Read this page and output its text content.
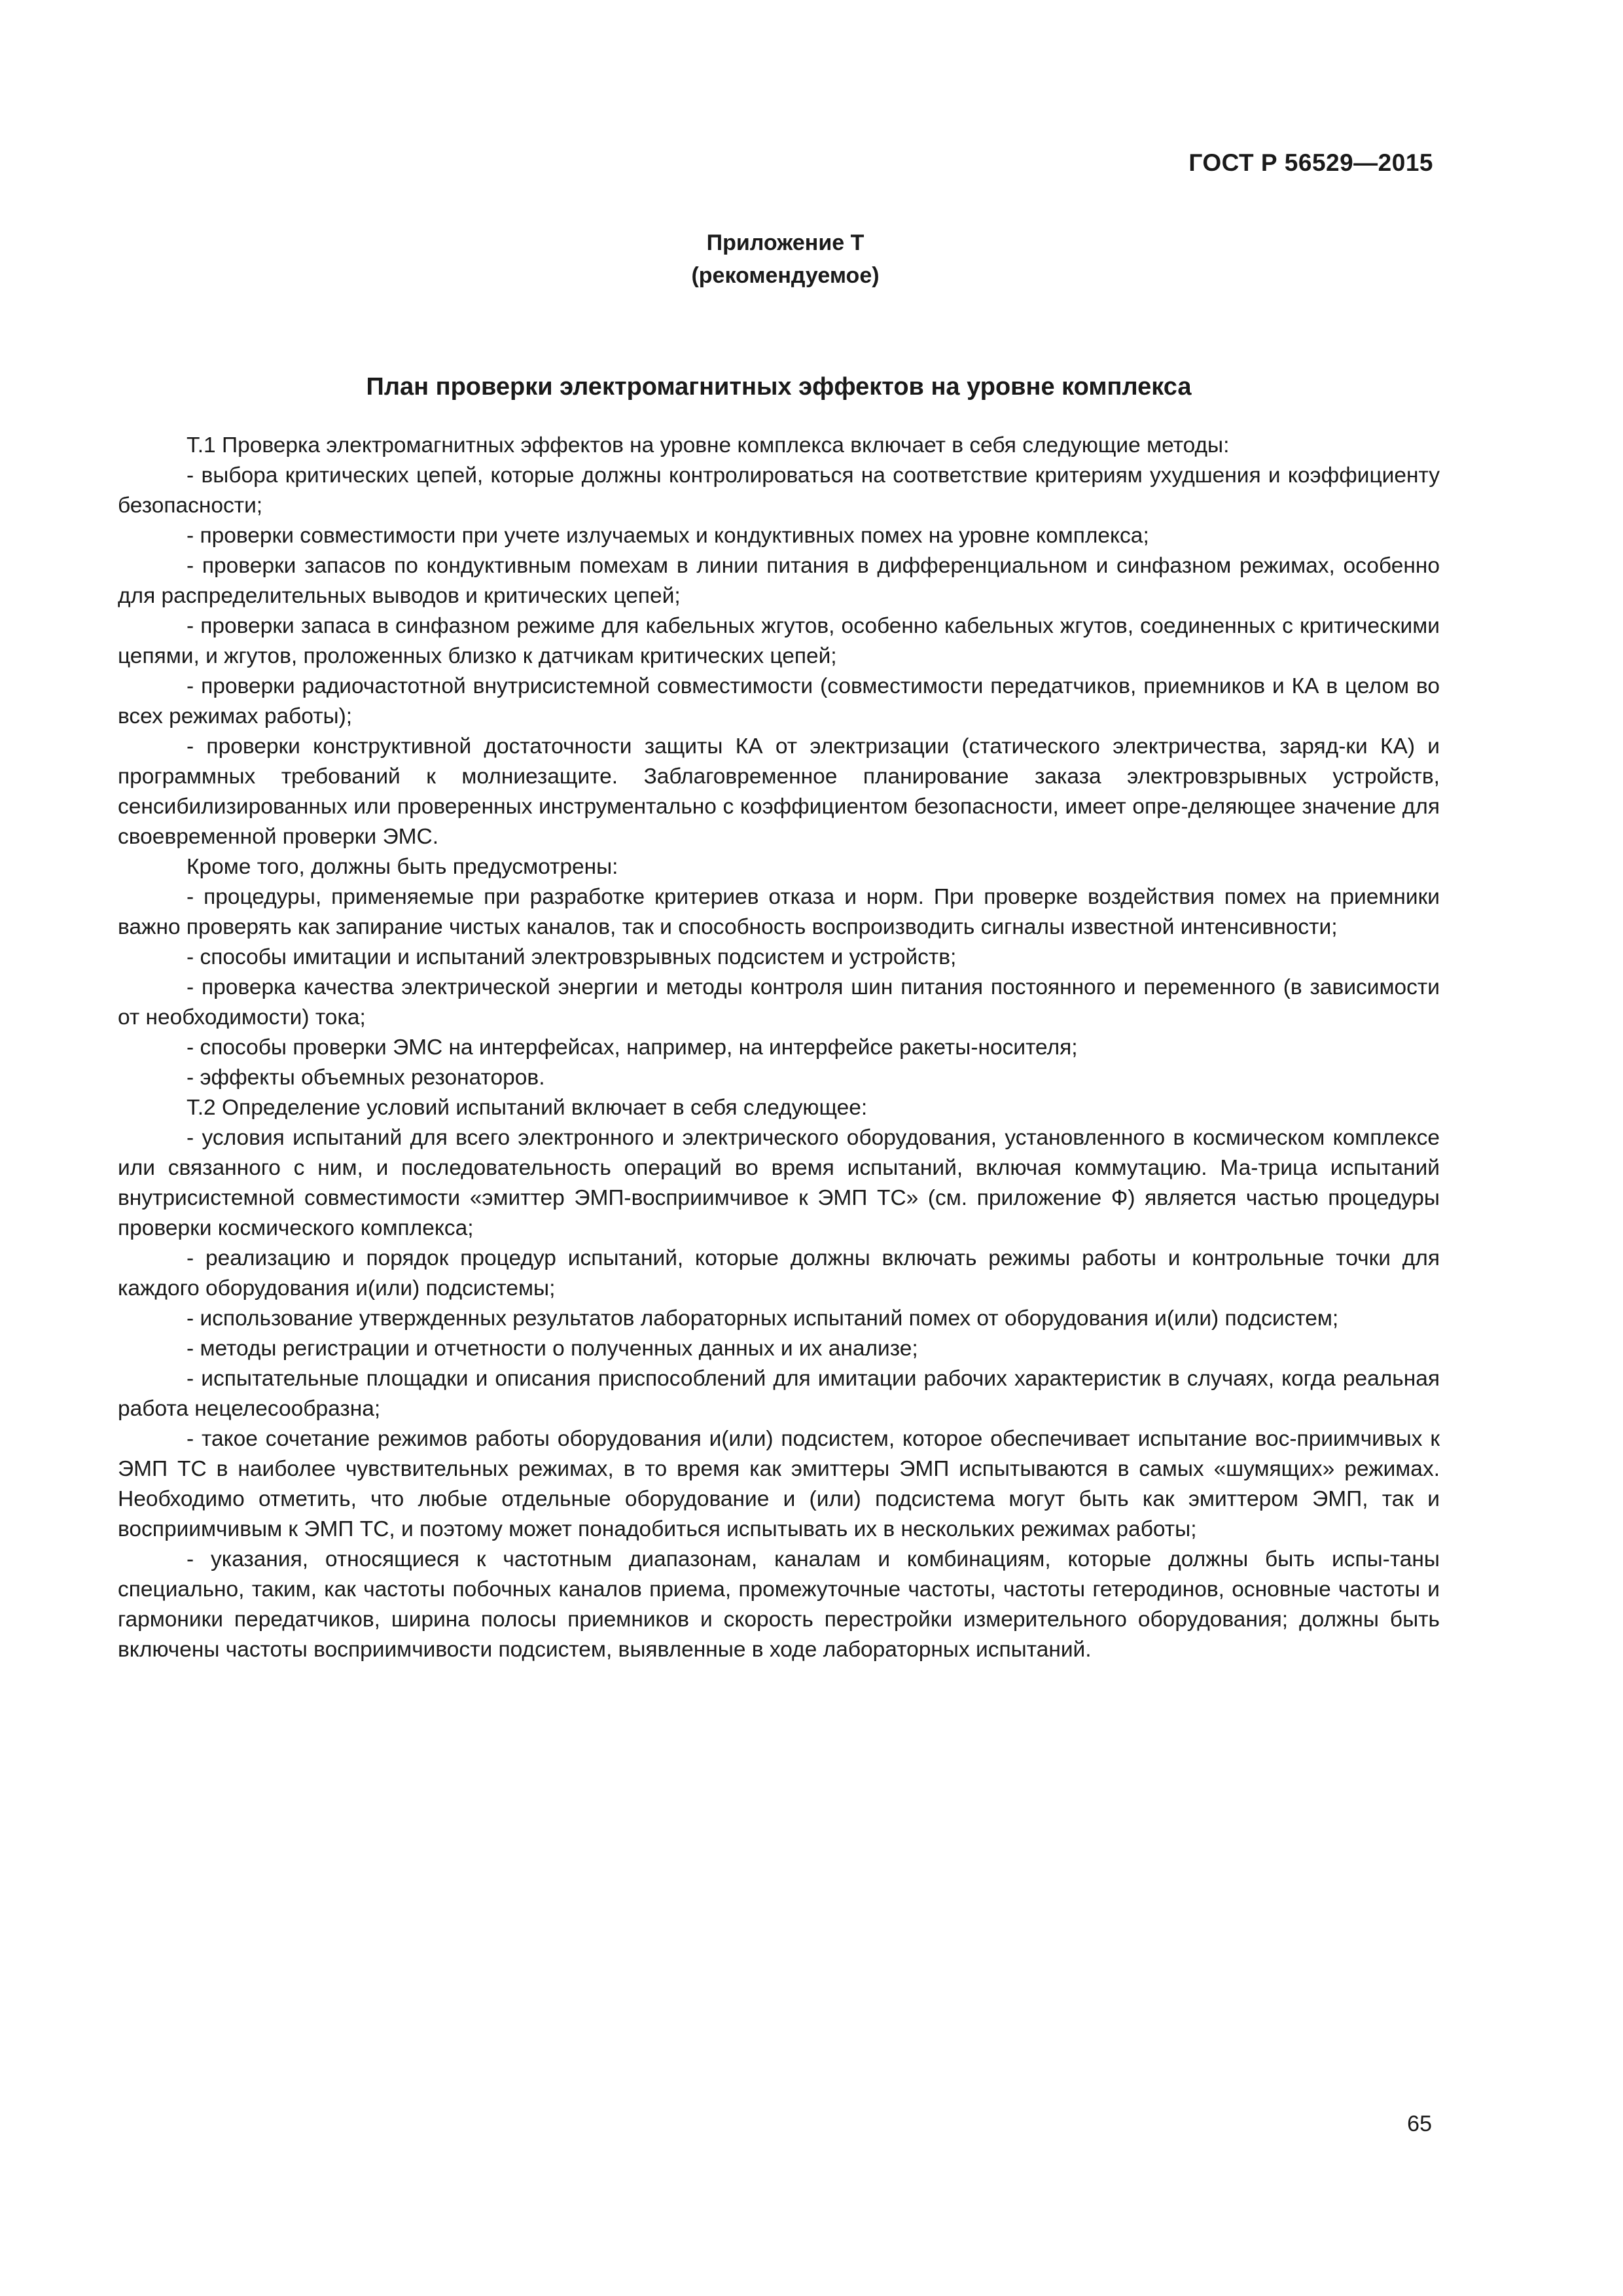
ГОСТ Р 56529—2015
Приложение Т
(рекомендуемое)
План проверки электромагнитных эффектов на уровне комплекса

Т.1 Проверка электромагнитных эффектов на уровне комплекса включает в себя следующие методы:

- выбора критических цепей, которые должны контролироваться на соответствие критериям ухудшения и коэффициенту безопасности;

- проверки совместимости при учете излучаемых и кондуктивных помех на уровне комплекса;

- проверки запасов по кондуктивным помехам в линии питания в дифференциальном и синфазном режимах, особенно для распределительных выводов и критических цепей;

- проверки запаса в синфазном режиме для кабельных жгутов, особенно кабельных жгутов, соединенных с критическими цепями, и жгутов, проложенных близко к датчикам критических цепей;

- проверки радиочастотной внутрисистемной совместимости (совместимости передатчиков, приемников и КА в целом во всех режимах работы);

- проверки конструктивной достаточности защиты КА от электризации (статического электричества, заряд-ки КА) и программных требований к молниезащите. Заблаговременное планирование заказа электровзрывных устройств, сенсибилизированных или проверенных инструментально с коэффициентом безопасности, имеет опре-деляющее значение для своевременной проверки ЭМС.

Кроме того, должны быть предусмотрены:

- процедуры, применяемые при разработке критериев отказа и норм. При проверке воздействия помех на приемники важно проверять как запирание чистых каналов, так и способность воспроизводить сигналы известной интенсивности;

- способы имитации и испытаний электровзрывных подсистем и устройств;

- проверка качества электрической энергии и методы контроля шин питания постоянного и переменного (в зависимости от необходимости) тока;

- способы проверки ЭМС на интерфейсах, например, на интерфейсе ракеты-носителя;

- эффекты объемных резонаторов.

Т.2 Определение условий испытаний включает в себя следующее:

- условия испытаний для всего электронного и электрического оборудования, установленного в космическом комплексе или связанного с ним, и последовательность операций во время испытаний, включая коммутацию. Ма-трица испытаний внутрисистемной совместимости «эмиттер ЭМП-восприимчивое к ЭМП ТС» (см. приложение Ф) является частью процедуры проверки космического комплекса;

- реализацию и порядок процедур испытаний, которые должны включать режимы работы и контрольные точки для каждого оборудования и(или) подсистемы;

- использование утвержденных результатов лабораторных испытаний помех от оборудования и(или) подсистем;

- методы регистрации и отчетности о полученных данных и их анализе;

- испытательные площадки и описания приспособлений для имитации рабочих характеристик в случаях, когда реальная работа нецелесообразна;

- такое сочетание режимов работы оборудования и(или) подсистем, которое обеспечивает испытание вос-приимчивых к ЭМП ТС в наиболее чувствительных режимах, в то время как эмиттеры ЭМП испытываются в самых «шумящих» режимах. Необходимо отметить, что любые отдельные оборудование и (или) подсистема могут быть как эмиттером ЭМП, так и восприимчивым к ЭМП ТС, и поэтому может понадобиться испытывать их в нескольких режимах работы;

- указания, относящиеся к частотным диапазонам, каналам и комбинациям, которые должны быть испы-таны специально, таким, как частоты побочных каналов приема, промежуточные частоты, частоты гетеродинов, основные частоты и гармоники передатчиков, ширина полосы приемников и скорость перестройки измерительного оборудования; должны быть включены частоты восприимчивости подсистем, выявленные в ходе лабораторных испытаний.

65
